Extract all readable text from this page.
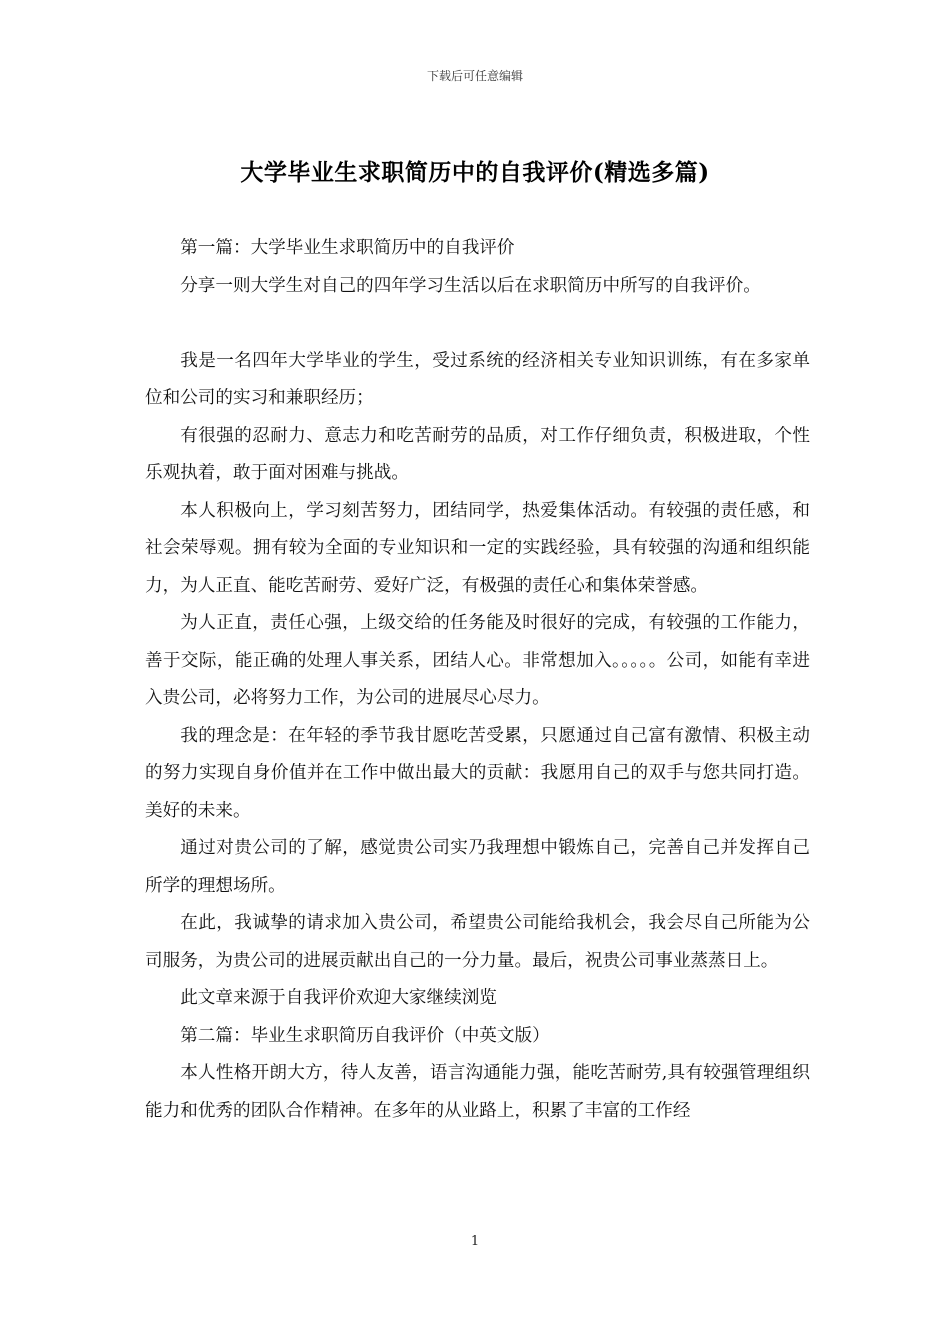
下载后可任意编辑
大学毕业生求职简历中的自我评价(精选多篇)

第一篇：大学毕业生求职简历中的自我评价

分享一则大学生对自己的四年学习生活以后在求职简历中所写的自我评价。

我是一名四年大学毕业的学生，受过系统的经济相关专业知识训练，有在多家单位和公司的实习和兼职经历；

有很强的忍耐力、意志力和吃苦耐劳的品质，对工作仔细负责，积极进取，个性乐观执着，敢于面对困难与挑战。

本人积极向上，学习刻苦努力，团结同学，热爱集体活动。有较强的责任感，和社会荣辱观。拥有较为全面的专业知识和一定的实践经验，具有较强的沟通和组织能力，为人正直、能吃苦耐劳、爱好广泛，有极强的责任心和集体荣誉感。

为人正直，责任心强，上级交给的任务能及时很好的完成，有较强的工作能力，善于交际，能正确的处理人事关系，团结人心。非常想加入。。。。。公司，如能有幸进入贵公司，必将努力工作，为公司的进展尽心尽力。

我的理念是：在年轻的季节我甘愿吃苦受累，只愿通过自己富有激情、积极主动的努力实现自身价值并在工作中做出最大的贡献：我愿用自己的双手与您共同打造。美好的未来。

通过对贵公司的了解，感觉贵公司实乃我理想中锻炼自己，完善自己并发挥自己所学的理想场所。

在此，我诚挚的请求加入贵公司，希望贵公司能给我机会，我会尽自己所能为公司服务，为贵公司的进展贡献出自己的一分力量。最后，祝贵公司事业蒸蒸日上。

此文章来源于自我评价欢迎大家继续浏览

第二篇：毕业生求职简历自我评价（中英文版）

本人性格开朗大方，待人友善，语言沟通能力强，能吃苦耐劳,具有较强管理组织能力和优秀的团队合作精神。在多年的从业路上，积累了丰富的工作经

1
